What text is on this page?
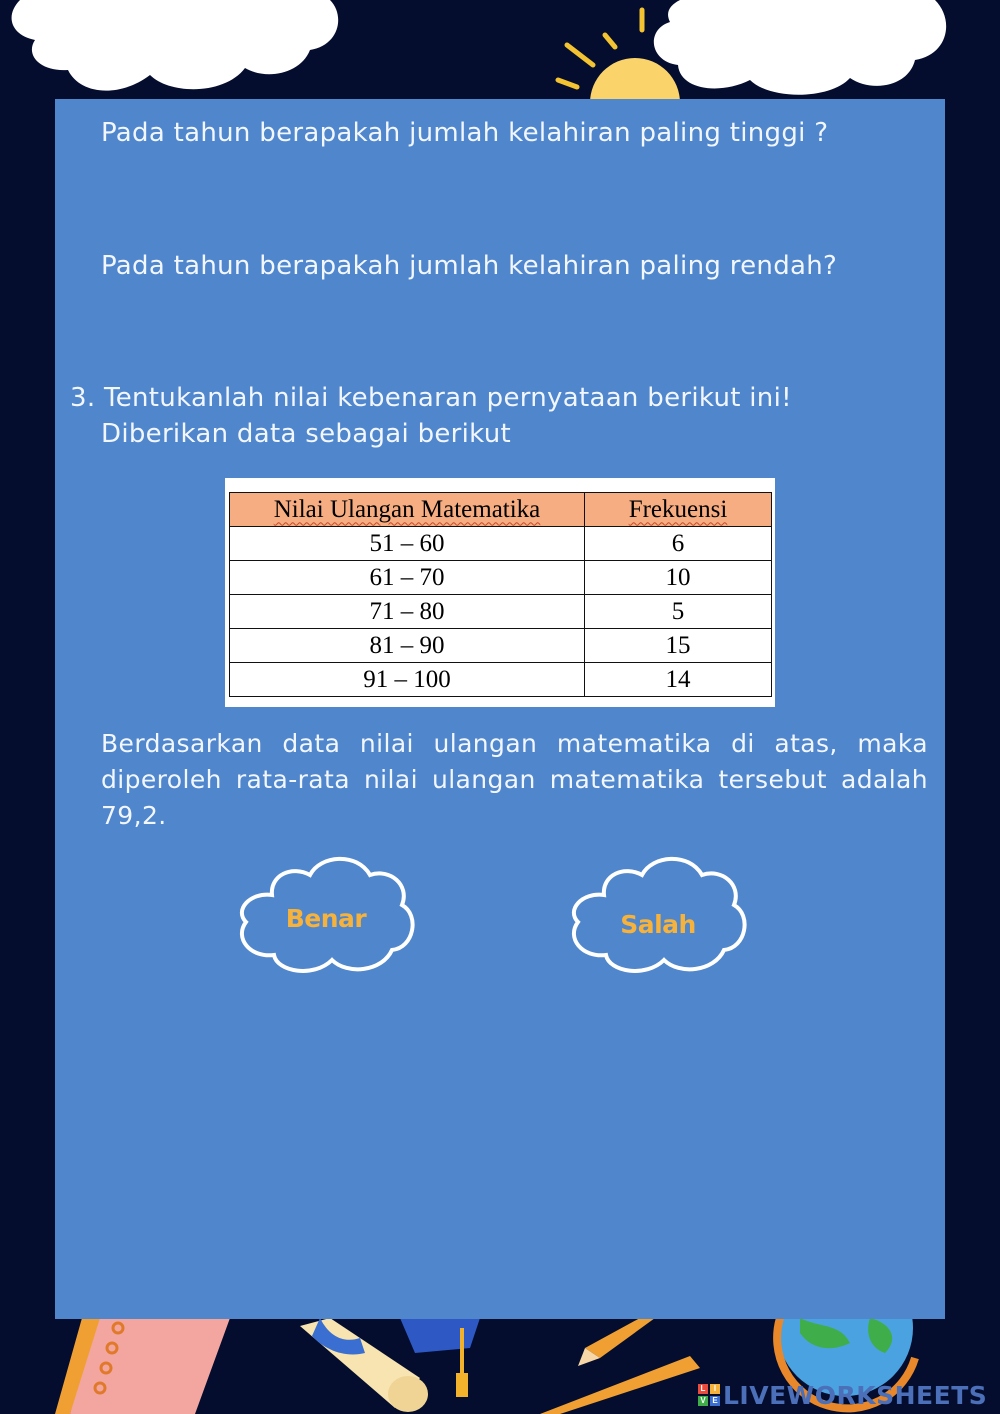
Pada tahun berapakah jumlah kelahiran paling tinggi ?
Pada tahun berapakah jumlah kelahiran paling rendah?
3. Tentukanlah nilai kebenaran pernyataan berikut ini!
Diberikan data sebagai berikut
Nilai Ulangan Matematika	Frekuensi
51 – 60	6
61 – 70	10
71 – 80	5
81 – 90	15
91 – 100	14
Berdasarkan data nilai ulangan matematika di atas, maka diperoleh rata-rata nilai ulangan matematika tersebut adalah 79,2.
Benar	Salah
L	I
V E LIVEWORKSHEETS
